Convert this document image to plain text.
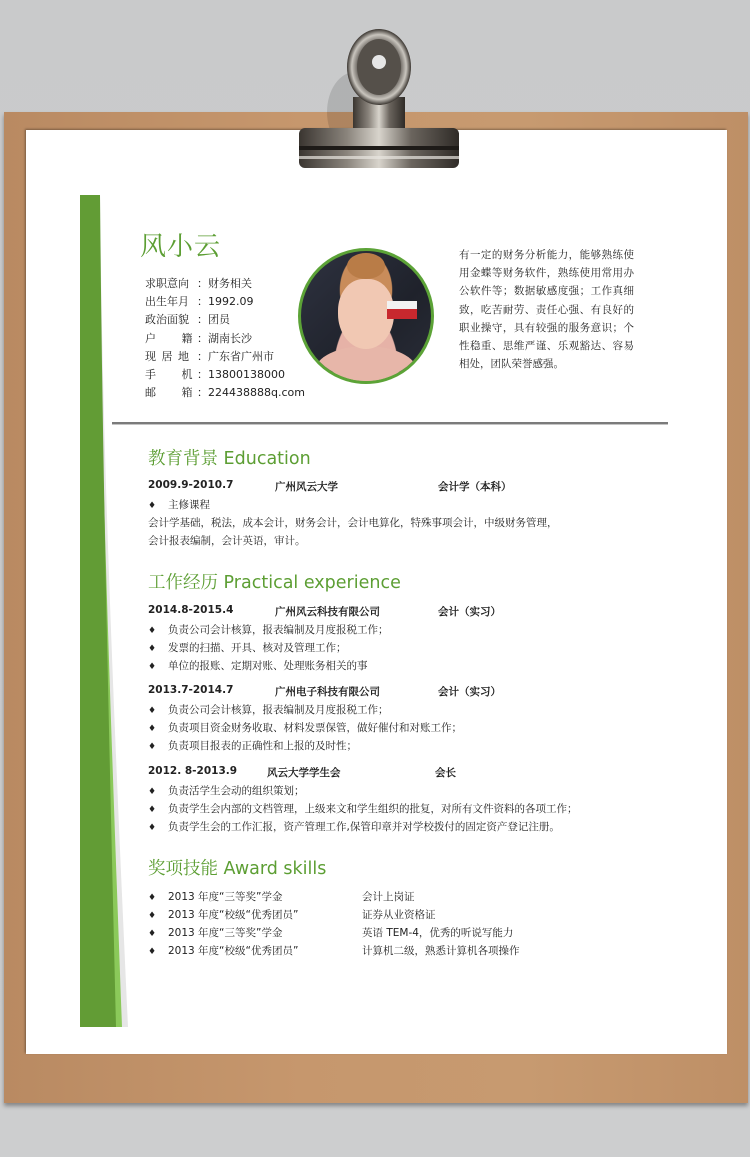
风小云
求职意向 ： 财务相关
出生年月 ： 1992.09
政治面貌 ： 团员
户 籍 ： 湖南长沙
现 居 地 ： 广东省广州市
手 机 ： 13800138000
邮 箱 ： 224438888q.com
有一定的财务分析能力，能够熟练使用金蝶等财务软件，熟练使用常用办公软件等；数据敏感度强；工作真细致，吃苦耐劳、责任心强、有良好的职业操守，具有较强的服务意识；个性稳重、思维严谨、乐观豁达、容易相处，团队荣誉感强。
教育背景 Education
2009.9-2010.7	广州风云大学	会计学（本科）
♦ 主修课程
会计学基础，税法，成本会计，财务会计，会计电算化，特殊事项会计，中级财务管理，
会计报表编制，会计英语，审计。
工作经历 Practical experience
2014.8-2015.4	广州风云科技有限公司	会计（实习）
♦ 负责公司会计核算，报表编制及月度报税工作；
♦ 发票的扫描、开具、核对及管理工作；
♦ 单位的报账、定期对账、处理账务相关的事
2013.7-2014.7	广州电子科技有限公司	会计（实习）
♦ 负责公司会计核算，报表编制及月度报税工作；
♦ 负责项目资金财务收取、材料发票保管，做好催付和对账工作；
♦ 负责项目报表的正确性和上报的及时性；
2012. 8-2013.9	风云大学学生会	会长
♦ 负责活学生会动的组织策划；
♦ 负责学生会内部的文档管理，上级来文和学生组织的批复，对所有文件资料的各项工作；
♦ 负责学生会的工作汇报，资产管理工作,保管印章并对学校拨付的固定资产登记注册。
奖项技能 Award skills
♦ 2013 年度“三等奖”学金	会计上岗证
♦ 2013 年度“校级“优秀团员”	证券从业资格证
♦ 2013 年度“三等奖”学金	英语 TEM-4，优秀的听说写能力
♦ 2013 年度“校级“优秀团员”	计算机二级，熟悉计算机各项操作
